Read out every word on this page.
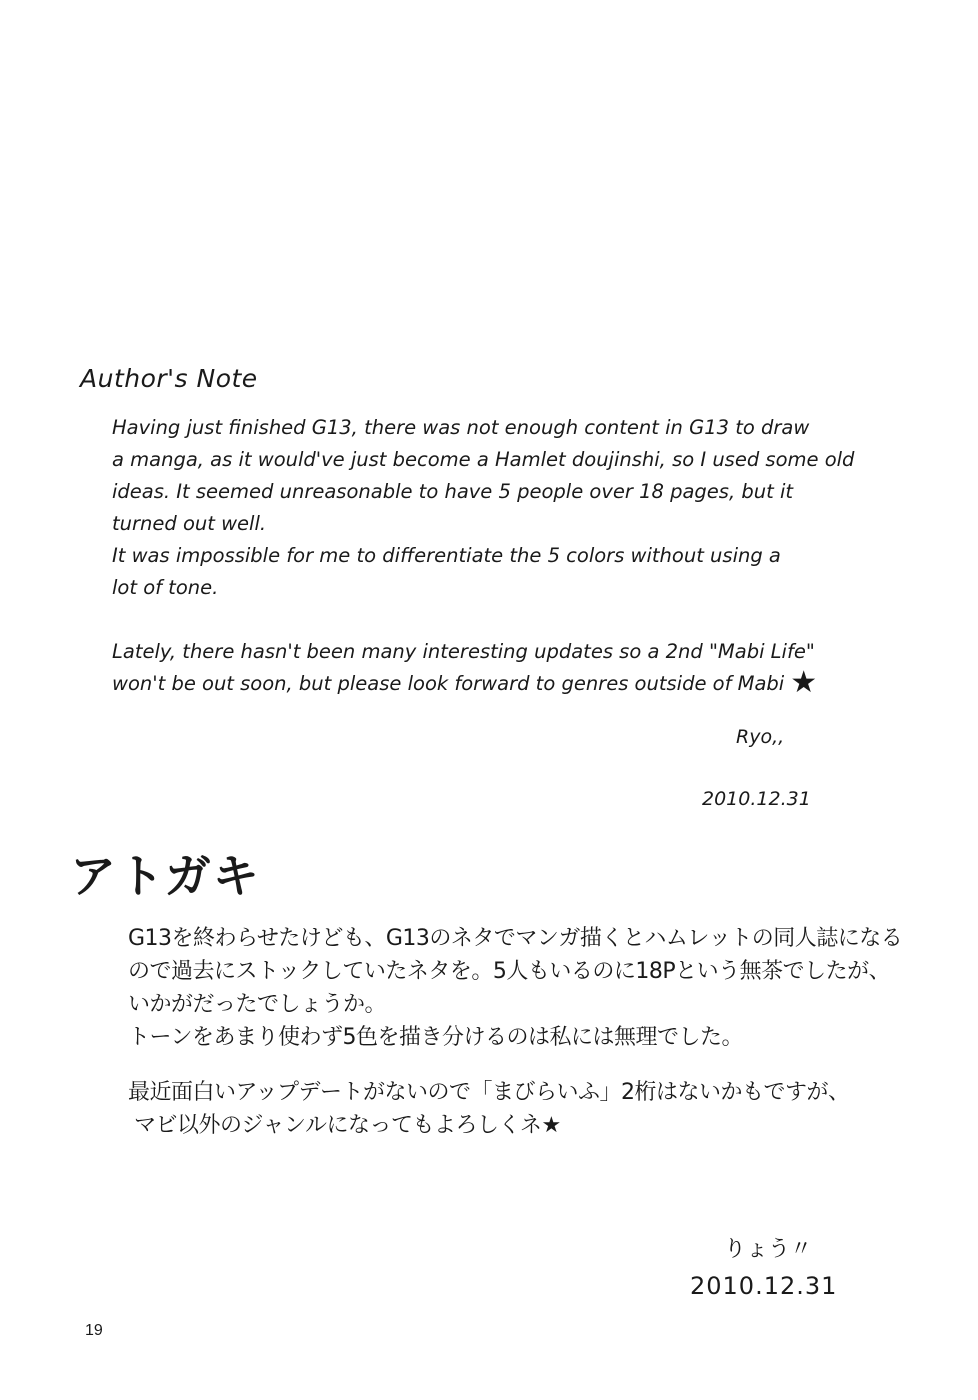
Author's Note
Having just finished G13, there was not enough content in G13 to draw
a manga, as it would've just become a Hamlet doujinshi, so I used some old
ideas. It seemed unreasonable to have 5 people over 18 pages, but it
turned out well.
It was impossible for me to differentiate the 5 colors without using a
lot of tone.
Lately, there hasn't been many interesting updates so a 2nd "Mabi Life"
won't be out soon, but please look forward to genres outside of Mabi ★
Ryo,,
2010.12.31
アトガキ
G13を終わらせたけども、G13のネタでマンガ描くとハムレットの同人誌になる
ので過去にストックしていたネタを。5人もいるのに18Pという無茶でしたが、
いかがだったでしょうか。
トーンをあまり使わず5色を描き分けるのは私には無理でした。
最近面白いアップデートがないので「まびらいふ」2桁はないかもですが、
マビ以外のジャンルになってもよろしくネ★
りょう〃
2010.12.31
19
